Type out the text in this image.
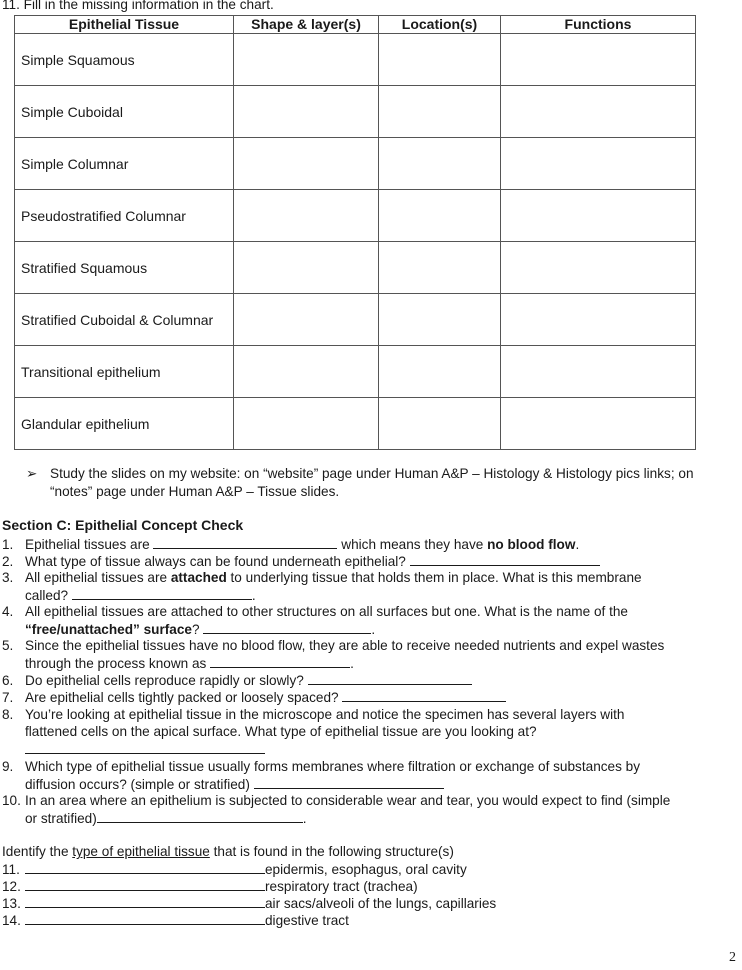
11. Fill in the missing information in the chart.
Epithelial Tissue	Shape & layer(s)	Location(s)	Functions
Simple Squamous			
Simple Cuboidal			
Simple Columnar			
Pseudostratified Columnar			
Stratified Squamous			
Stratified Cuboidal & Columnar			
Transitional epithelium			
Glandular epithelium			
➢ Study the slides on my website: on “website” page under Human A&P – Histology & Histology pics links; on “notes” page under Human A&P – Tissue slides.
Section C: Epithelial Concept Check
1. Epithelial tissues are	which means they have no blood flow.
2. What type of tissue always can be found underneath epithelial?
3. All epithelial tissues are attached to underlying tissue that holds them in place. What is this membrane
called?	.
4. All epithelial tissues are attached to other structures on all surfaces but one. What is the name of the
“free/unattached” surface?	.
5. Since the epithelial tissues have no blood flow, they are able to receive needed nutrients and expel wastes
through the process known as	.
6. Do epithelial cells reproduce rapidly or slowly?
7. Are epithelial cells tightly packed or loosely spaced?
8. You’re looking at epithelial tissue in the microscope and notice the specimen has several layers with
flattened cells on the apical surface. What type of epithelial tissue are you looking at?
9. Which type of epithelial tissue usually forms membranes where filtration or exchange of substances by
diffusion occurs? (simple or stratified)
10. In an area where an epithelium is subjected to considerable wear and tear, you would expect to find (simple
or stratified)	.
Identify the type of epithelial tissue that is found in the following structure(s)
11.	epidermis, esophagus, oral cavity
12.	respiratory tract (trachea)
13.	air sacs/alveoli of the lungs, capillaries
14.	digestive tract
2
